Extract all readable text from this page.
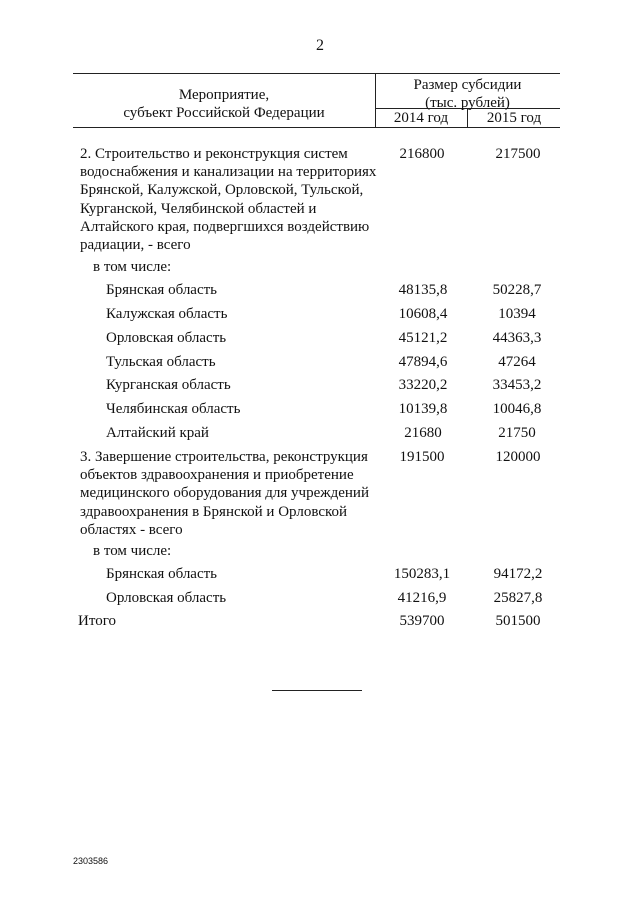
2
Мероприятие,
субъект Российской Федерации
Размер субсидии
(тыс. рублей)
2014 год	2015 год
2. Строительство и реконструкция систем
водоснабжения и канализации на территориях
Брянской, Калужской, Орловской, Тульской,
Курганской, Челябинской областей и
Алтайского края, подвергшихся воздействию
радиации, - всего
216800	217500
в том числе:
Брянская область	48135,8	50228,7
Калужская область	10608,4	10394
Орловская область	45121,2	44363,3
Тульская область	47894,6	47264
Курганская область	33220,2	33453,2
Челябинская область	10139,8	10046,8
Алтайский край	21680	21750
3. Завершение строительства, реконструкция
объектов здравоохранения и приобретение
медицинского оборудования для учреждений
здравоохранения в Брянской и Орловской
областях - всего
191500	120000
в том числе:
Брянская область	150283,1	94172,2
Орловская область	41216,9	25827,8
Итого	539700	501500
2303586
